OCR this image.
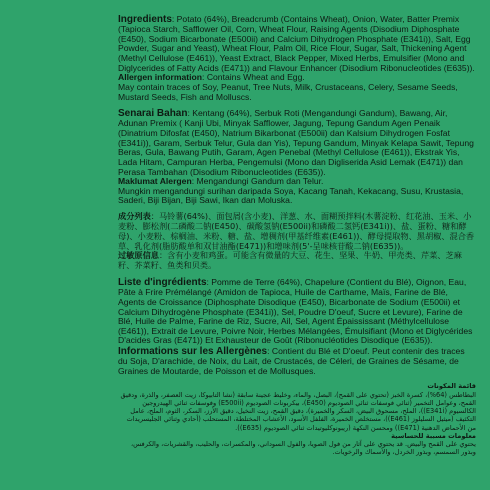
Ingredients: Potato (64%), Breadcrumb (Contains Wheat), Onion, Water, Batter Premix (Tapioca Starch, Safflower Oil, Corn, Wheat Flour, Raising Agents (Disodium Diphosphate (E450), Sodium Bicarbonate (E500ii) and Calcium Dihydrogen Phosphate (E341i)), Salt, Egg Powder, Sugar and Yeast), Wheat Flour, Palm Oil, Rice Flour, Sugar, Salt, Thickening Agent (Methyl Cellulose (E461)), Yeast Extract, Black Pepper, Mixed Herbs, Emulsifier (Mono and Diglycerides of Fatty Acids (E471)) and Flavour Enhancer (Disodium Ribonucleotides (E635)).

Allergen information: Contains Wheat and Egg.

May contain traces of Soy, Peanut, Tree Nuts, Milk, Crustaceans, Celery, Sesame Seeds, Mustard Seeds, Fish and Molluscs.

Senarai Bahan: Kentang (64%), Serbuk Roti (Mengandungi Gandum), Bawang, Air, Adunan Premix ( Kanji Ubi, Minyak Safflower, Jagung, Tepung Gandum Agen Penaik (Dinatrium Difosfat (E450), Natrium Bikarbonat (E500ii) dan Kalsium Dihydrogen Fosfat (E341i)), Garam, Serbuk Telur, Gula dan Yis), Tepung Gandum, Minyak Kelapa Sawit, Tepung Beras, Gula, Bawang Putih, Garam, Agen Penebal (Methyl Cellulose (E461)), Ekstrak Yis, Lada Hitam, Campuran Herba, Pengemulsi (Mono dan Digliserida Asid Lemak (E471)) dan Perasa Tambahan (Disodium Ribonucleotides (E635)).

Maklumat Alergen: Mengandungi Gandum dan Telur.

Mungkin mengandungi surihan daripada Soya, Kacang Tanah, Kekacang, Susu, Krustasia, Saderi, Biji Bijan, Biji Sawi, Ikan dan Moluska.

成分列表：马铃薯(64%)、面包屑(含小麦)、洋葱、水、面糊预拌料(木薯淀粉、红花油、玉米、小麦粉、膨松剂(二磷酸二钠(E450)、碳酸氢钠(E500ii)和磷酸二氢钙(E341i))、盐、蛋粉、糖和酵母)、小麦粉、棕榈油、米粉、糖、盐、增稠剂(甲基纤维素(E461))、酵母提取物、黑胡椒、混合香草、乳化剂(脂肪酸单和双甘油酯(E471))和增味剂(5'-呈味核苷酸二钠(E635))。

过敏原信息：含有小麦和鸡蛋。可能含有微量的大豆、花生、坚果、牛奶、甲壳类、芹菜、芝麻籽、芥菜籽、鱼类和贝类。

Liste d'ingrédients: Pomme de Terre (64%), Chapelure (Contient du Blé), Oignon, Eau, Pâte à Frire Prémélangé (Amidon de Tapioca, Huile de Carthame, Maïs, Farine de Blé, Agents de Croissance (Diphosphate Disodique (E450), Bicarbonate de Sodium (E500ii) et Calcium Dihydrogène Phosphate (E341i)), Sel, Poudre D'oeuf, Sucre et Levure), Farine de Blé, Huile de Palme, Farine de Riz, Sucre, Ail, Sel, Agent Épaississant (Méthylcellulose (E461)), Extrait de Levure, Poivre Noir, Herbes Mélangées, Émulsifiant (Mono et Diglycérides D'acides Gras (E471)) Et Exhausteur de Goût (Ribonucléotides Disodique (E635)).

Informations sur les Allergènes: Contient du Blé et D'oeuf. Peut contenir des traces du Soja, D'arachide, de Noix, du Lait, de Crustacés, de Céleri, de Graines de Sésame, de Graines de Moutarde, de Poisson et de Mollusques.

قائمة المكونات

البطاطس (64%)، كسرة الخبز (تحتوي على القمح)، البصل، والماء، وخليط عجينة سابقة (نشا التابيوكا، زيت العصفر، والذرة، ودقيق القمح، وعوامل التخمير (ثنائي فوسفات ثنائي الصوديوم (E450)، بيكربونات الصوديوم (E500ii) وفوسفات ثنائي الهيدروجين الكالسيوم (E341i))، الملح، مسحوق البيض، السكر والخميرة)، دقيق القمح، زيت النخيل، دقيق الأرز، السكر، الثوم، الملح، عامل التكثيف (ميثيل السليلوز (E461))، مستخلص الخميرة، الفلفل الأسود، الأعشاب المختلطة، المستحلب (أحادي وثنائي الجليسريدات من الأحماض الدهنية (E471)) ومحسن النكهة (ريبونوكليوتيدات ثنائي الصوديوم (E635)).

معلومات مسببة للحساسية

يحتوي على القمح والبيض. قد يحتوي على آثار من فول الصويا، والفول السوداني، والمكسرات، والحليب، والقشريات، والكرفس، وبذور السمسم، وبذور الخردل، والأسماك والرخويات.
